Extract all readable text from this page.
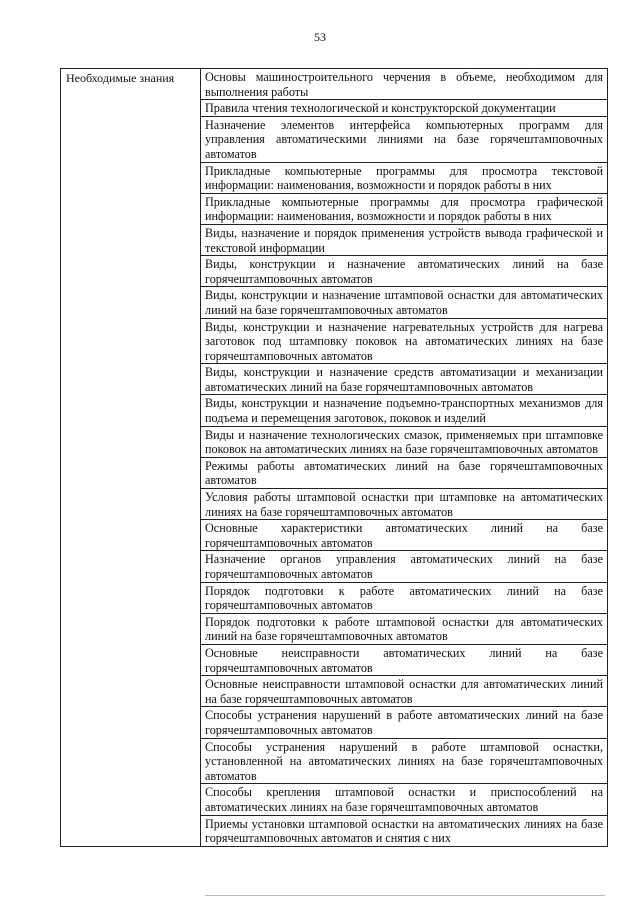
53
Необходимые знания	Основы машиностроительного черчения в объеме, необходимом для выполнения работы
Правила чтения технологической и конструкторской документации
Назначение элементов интерфейса компьютерных программ для управления автоматическими линиями на базе горячештамповочных автоматов
Прикладные компьютерные программы для просмотра текстовой информации: наименования, возможности и порядок работы в них
Прикладные компьютерные программы для просмотра графической информации: наименования, возможности и порядок работы в них
Виды, назначение и порядок применения устройств вывода графической и текстовой информации
Виды, конструкции и назначение автоматических линий на базе горячештамповочных автоматов
Виды, конструкции и назначение штамповой оснастки для автоматических линий на базе горячештамповочных автоматов
Виды, конструкции и назначение нагревательных устройств для нагрева заготовок под штамповку поковок на автоматических линиях на базе горячештамповочных автоматов
Виды, конструкции и назначение средств автоматизации и механизации автоматических линий на базе горячештамповочных автоматов
Виды, конструкции и назначение подъемно-транспортных механизмов для подъема и перемещения заготовок, поковок и изделий
Виды и назначение технологических смазок, применяемых при штамповке поковок на автоматических линиях на базе горячештамповочных автоматов
Режимы работы автоматических линий на базе горячештамповочных автоматов
Условия работы штамповой оснастки при штамповке на автоматических линиях на базе горячештамповочных автоматов
Основные характеристики автоматических линий на базе горячештамповочных автоматов
Назначение органов управления автоматических линий на базе горячештамповочных автоматов
Порядок подготовки к работе автоматических линий на базе горячештамповочных автоматов
Порядок подготовки к работе штамповой оснастки для автоматических линий на базе горячештамповочных автоматов
Основные неисправности автоматических линий на базе горячештамповочных автоматов
Основные неисправности штамповой оснастки для автоматических линий на базе горячештамповочных автоматов
Способы устранения нарушений в работе автоматических линий на базе горячештамповочных автоматов
Способы устранения нарушений в работе штамповой оснастки, установленной на автоматических линиях на базе горячештамповочных автоматов
Способы крепления штамповой оснастки и приспособлений на автоматических линиях на базе горячештамповочных автоматов
Приемы установки штамповой оснастки на автоматических линиях на базе горячештамповочных автоматов и снятия с них
